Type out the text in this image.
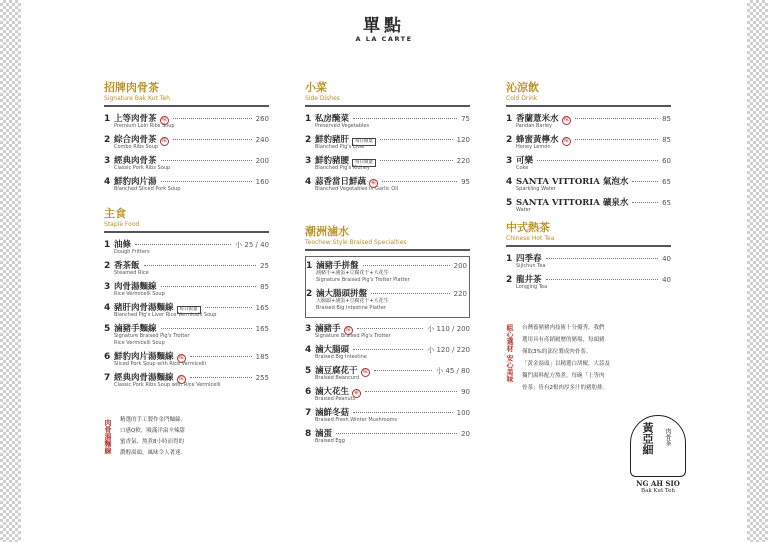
單點
A LA CARTE
招牌肉骨茶
Signature Bak Kut Teh
1 上等肉骨茶 辣	260
Premium Loin Ribs Soup
2 綜合肉骨茶 辣	240
Combo Ribs Soup
3 經典肉骨茶	200
Classic Pork Ribs Soup
4 鮮豹肉片湯	160
Blanched Sliced Pork Soup
主食
Staple Food
1 油條	小 25 / 40
Dough Fritters
2 香茶飯	25
Steamed Rice
3 肉骨湯麵線	85
Rice Vermicelli Soup
4 豬肝肉骨湯麵線	每日限量	165
Blanched Pig's Liver Rice Vermicelli Soup
5 滷豬手麵線	165
Signature Braised Pig's Trotter
Rice Vermicelli Soup
6 鮮豹肉片湯麵線 辣	185
Sliced Pork Soup with Rice Vermicelli
7 經典肉骨湯麵線 辣	255
Classic Pork Ribs Soup with Rice Vermicelli
肉骨湯麵線 精選的手工製作金門麵線，
口感Q軟，吸滿洋溢辛辣甜
蜜香氣、熬煮8小時而得的
濃醇湯頭，風味令人著迷。
小菜
Side Dishes
1 私房醃菜	75
Preserved Vegetables
2 鮮豹豬肝	每日限量	120
Blanched Pig's Liver
3 鮮豹豬腰	每日限量	220
Blanched Pig's Kidney
4 蒜香當日鮮蔬 素	95
Blanched Vegetables in Garlic Oil
潮洲滷水
Teochew Style Braised Specialties
1 滷豬手拼盤	200
滷豬手+滷蛋+豆腐花干+大花生
Signature Braised Pig's Trotter Platter
2 滷大腸頭拼盤	220
大腸頭+滷蛋+豆腐花干+大花生
Braised Big Intestine Platter
3 滷豬手 辣	小 110 / 200
Signature Braised Pig's Trotter
4 滷大腸頭	小 120 / 220
Braised Big Intestine
5 滷豆腐花干 辣	小 45 / 80
Braised Beancurd
6 滷大花生 素	90
Braised Peanuts
7 滷鮮冬菇	100
Braised Fresh Winter Mushrooms
8 滷蛋	20
Braised Egg
沁涼飲
Cold Drink
1 香蘭薏米水 辣	85
Pandan Barley
2 蜂蜜黃檸水 辣	85
Honey Lemon
3 可樂	60
Coke
4 SANTA VITTORIA 氣泡水	65
Sparkling Water
5 SANTA VITTORIA 礦泉水	65
Water
中式熱茶
Chinese Hot Tea
1 四季春	40
Sijichun Tea
2 龍井茶	40
Longjing Tea
組心選材 安心美味 台灣養豬豬肉技術十分優秀，我們
選用具有產銷履歷的豬場，每頭豬
僅取3%的部位製成肉骨茶。
「黃金湯頭」以精選白胡椒，大蒜及
獨門湯料配方熬煮。每碗「上等肉
骨茶」皆有2根肉厚多汁的豬肋排。
黃亞細 肉骨茶
NG AH SIO
Bak Kut Teh
